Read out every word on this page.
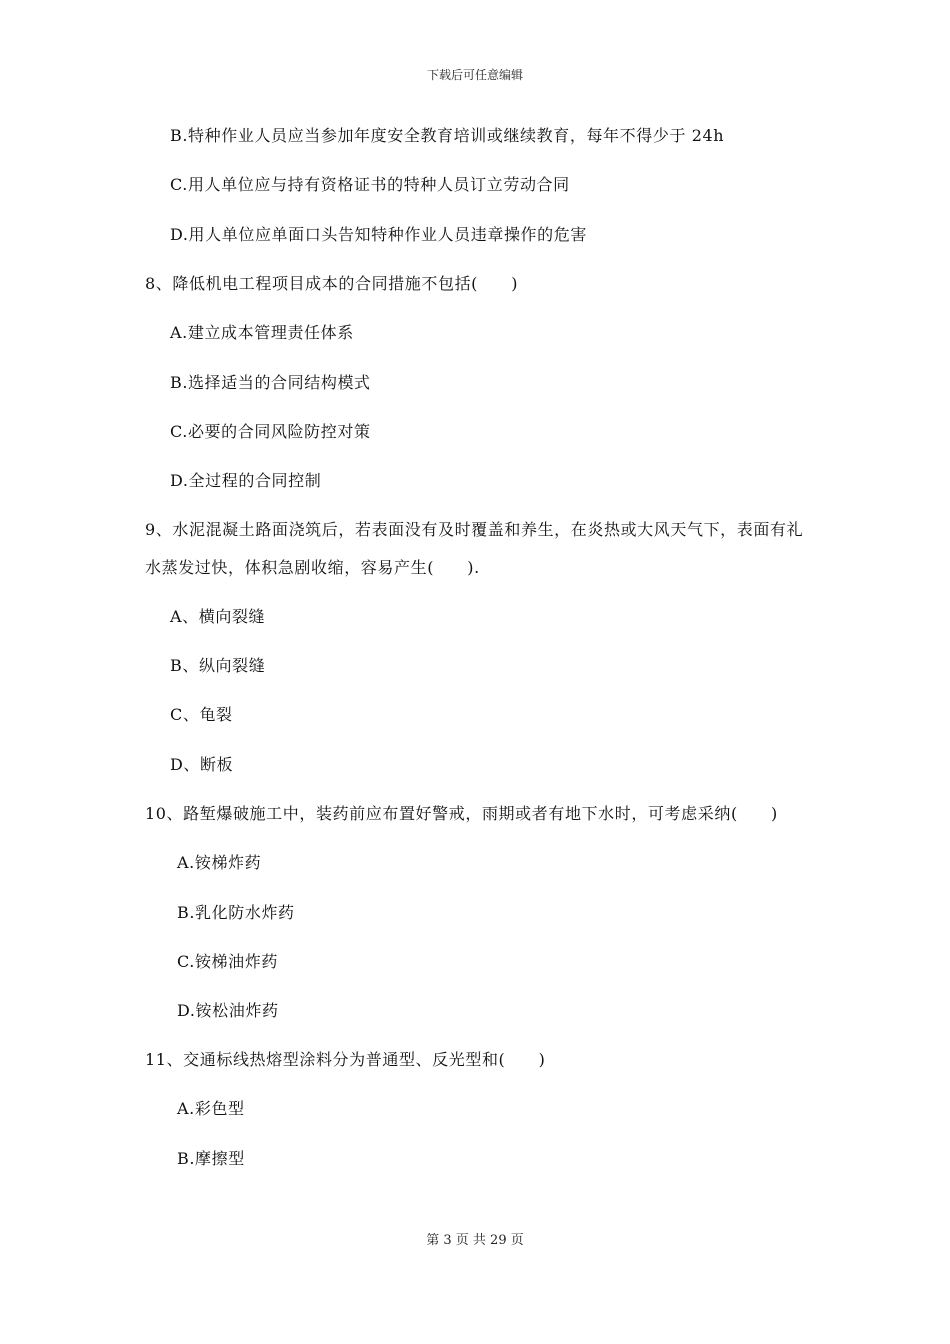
下载后可任意编辑
B.特种作业人员应当参加年度安全教育培训或继续教育，每年不得少于 24h
C.用人单位应与持有资格证书的特种人员订立劳动合同
D.用人单位应单面口头告知特种作业人员违章操作的危害
8、降低机电工程项目成本的合同措施不包括(　　)
A.建立成本管理责任体系
B.选择适当的合同结构模式
C.必要的合同风险防控对策
D.全过程的合同控制
9、水泥混凝土路面浇筑后，若表面没有及时覆盖和养生，在炎热或大风天气下，表面有礼
水蒸发过快，体积急剧收缩，容易产生(　　).
A、横向裂缝
B、纵向裂缝
C、龟裂
D、断板
10、路堑爆破施工中，装药前应布置好警戒，雨期或者有地下水时，可考虑采纳(　　)
A.铵梯炸药
B.乳化防水炸药
C.铵梯油炸药
D.铵松油炸药
11、交通标线热熔型涂料分为普通型、反光型和(　　)
A.彩色型
B.摩擦型
第 3 页 共 29 页
